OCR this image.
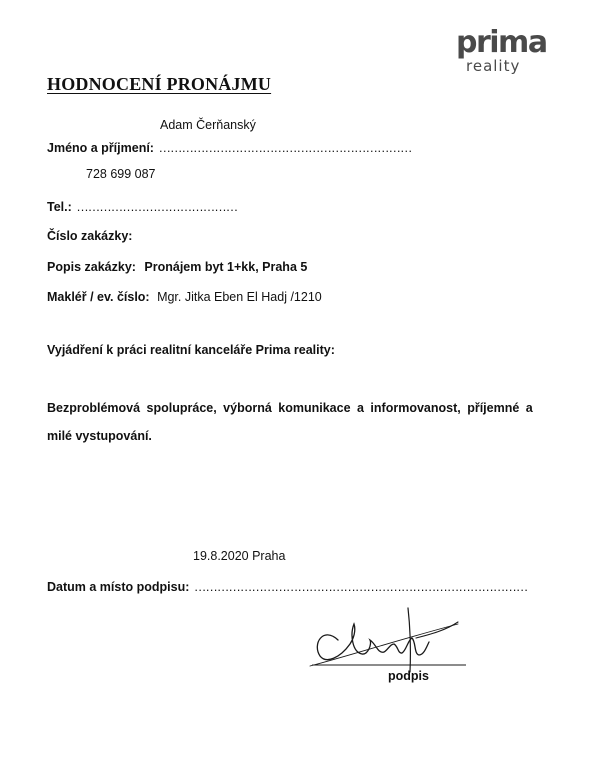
prima
reality
HODNOCENÍ PRONÁJMU
Adam Čerňanský
Jméno a příjmení: …………………………………………………………
728 699 087
Tel.: ……………………………………
Číslo zakázky:
Popis zakázky: Pronájem byt 1+kk, Praha 5
Makléř / ev. číslo: Mgr. Jitka Eben El Hadj /1210
Vyjádření k práci realitní kanceláře Prima reality:
Bezproblémová spolupráce, výborná komunikace a informovanost, příjemné a
milé vystupování.
19.8.2020 Praha
Datum a místo podpisu: ……………………………………………………………………………
podpis
